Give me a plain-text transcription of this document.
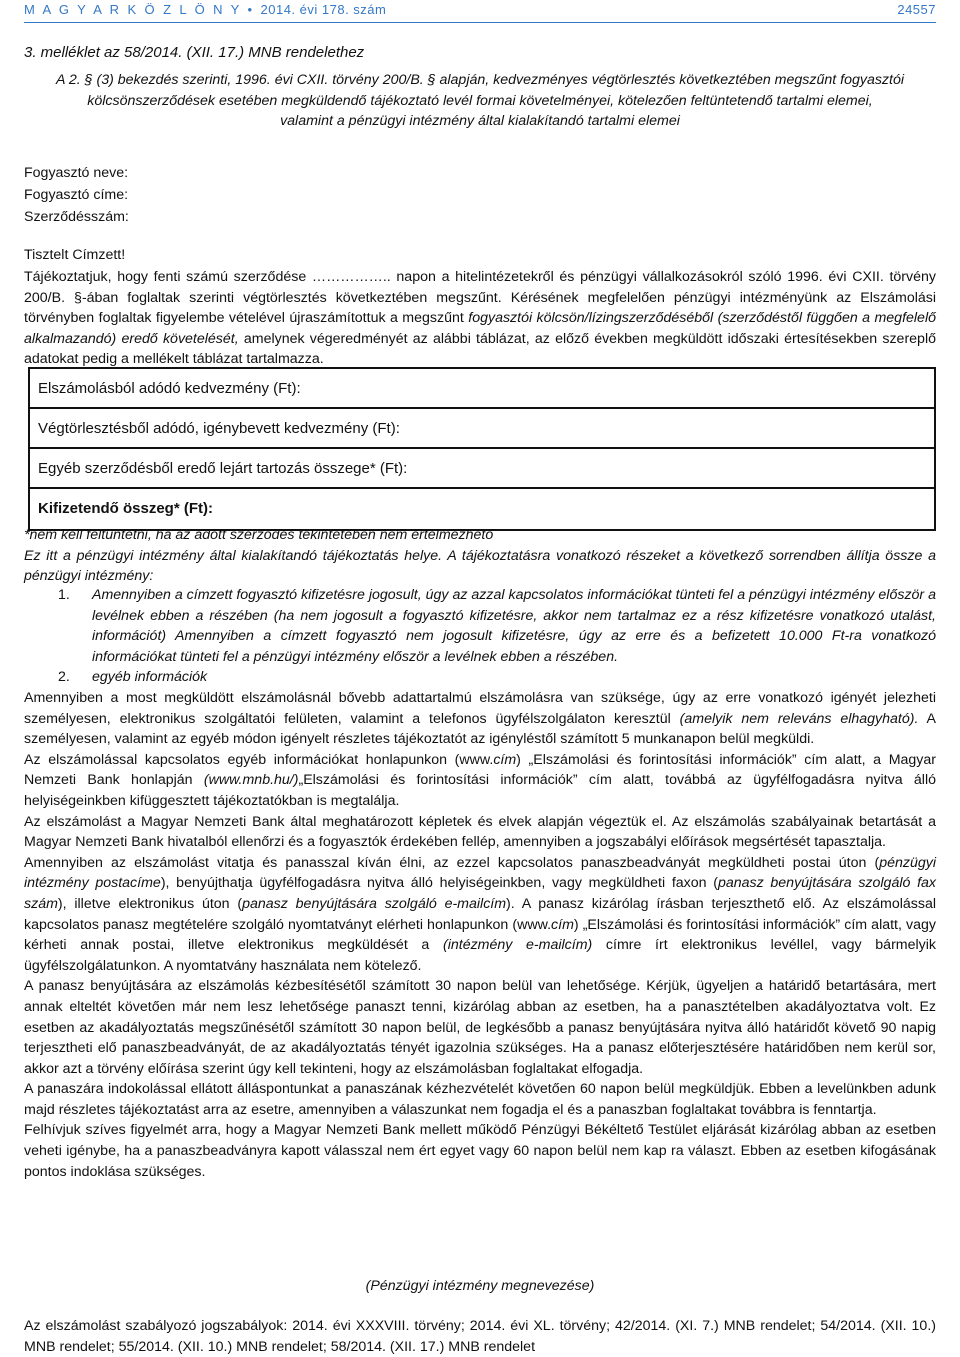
M A G Y A R K Ö Z L Ö N Y • 2014. évi 178. szám	24557
3. melléklet az 58/2014. (XII. 17.) MNB rendelethez
A 2. § (3) bekezdés szerinti, 1996. évi CXII. törvény 200/B. § alapján, kedvezményes végtörlesztés következtében megszűnt fogyasztói
kölcsönszerződések esetében megküldendő tájékoztató levél formai követelményei, kötelezően feltüntetendő tartalmi elemei,
valamint a pénzügyi intézmény által kialakítandó tartalmi elemei
Fogyasztó neve:
Fogyasztó címe:
Szerződésszám:
Tisztelt Címzett!

Tájékoztatjuk, hogy fenti számú szerződése …………….. napon a hitelintézetekről és pénzügyi vállalkozásokról szóló 1996. évi CXII. törvény 200/B. §-ában foglaltak szerinti végtörlesztés következtében megszűnt. Kérésének megfelelően pénzügyi intézményünk az Elszámolási törvényben foglaltak figyelembe vételével újraszámítottuk a megszűnt fogyasztói kölcsön/lízingszerződéséből (szerződéstől függően a megfelelő alkalmazandó) eredő követelését, amelynek végeredményét az alábbi táblázat, az előző években megküldött időszaki értesítésekben szereplő adatokat pedig a mellékelt táblázat tartalmazza.

Elszámolásból adódó kedvezmény (Ft):
Végtörlesztésből adódó, igénybevett kedvezmény (Ft):
Egyéb szerződésből eredő lejárt tartozás összege* (Ft):
Kifizetendő összeg* (Ft):
*nem kell feltüntetni, ha az adott szerződés tekintetében nem értelmezhető
Ez itt a pénzügyi intézmény által kialakítandó tájékoztatás helye. A tájékoztatásra vonatkozó részeket a következő sorrendben állítja össze a pénzügyi intézmény:
1. Amennyiben a címzett fogyasztó kifizetésre jogosult, úgy az azzal kapcsolatos információkat tünteti fel a pénzügyi intézmény először a levélnek ebben a részében (ha nem jogosult a fogyasztó kifizetésre, akkor nem tartalmaz ez a rész kifizetésre vonatkozó utalást, információt) Amennyiben a címzett fogyasztó nem jogosult kifizetésre, úgy az erre és a befizetett 10.000 Ft-ra vonatkozó információkat tünteti fel a pénzügyi intézmény először a levélnek ebben a részében.
2. egyéb információk

Amennyiben a most megküldött elszámolásnál bővebb adattartalmú elszámolásra van szüksége, úgy az erre vonatkozó igényét jelezheti személyesen, elektronikus szolgáltatói felületen, valamint a telefonos ügyfélszolgálaton keresztül (amelyik nem releváns elhagyható). A személyesen, valamint az egyéb módon igényelt részletes tájékoztatót az igényléstől számított 5 munkanapon belül megküldi.

Az elszámolással kapcsolatos egyéb információkat honlapunkon (www.cím) „Elszámolási és forintosítási információk” cím alatt, a Magyar Nemzeti Bank honlapján (www.mnb.hu/)„Elszámolási és forintosítási információk” cím alatt, továbbá az ügyfélfogadásra nyitva álló helyiségeinkben kifüggesztett tájékoztatókban is megtalálja.

Az elszámolást a Magyar Nemzeti Bank által meghatározott képletek és elvek alapján végeztük el. Az elszámolás szabályainak betartását a Magyar Nemzeti Bank hivatalból ellenőrzi és a fogyasztók érdekében fellép, amennyiben a jogszabályi előírások megsértését tapasztalja.

Amennyiben az elszámolást vitatja és panasszal kíván élni, az ezzel kapcsolatos panaszbeadványát megküldheti postai úton (pénzügyi intézmény postacíme), benyújthatja ügyfélfogadásra nyitva álló helyiségeinkben, vagy megküldheti faxon (panasz benyújtására szolgáló fax szám), illetve elektronikus úton (panasz benyújtására szolgáló e-mailcím). A panasz kizárólag írásban terjeszthető elő. Az elszámolással kapcsolatos panasz megtételére szolgáló nyomtatványt elérheti honlapunkon (www.cím) „Elszámolási és forintosítási információk” cím alatt, vagy kérheti annak postai, illetve elektronikus megküldését a (intézmény e-mailcím) címre írt elektronikus levéllel, vagy bármelyik ügyfélszolgálatunkon. A nyomtatvány használata nem kötelező.

A panasz benyújtására az elszámolás kézbesítésétől számított 30 napon belül van lehetősége. Kérjük, ügyeljen a határidő betartására, mert annak elteltét követően már nem lesz lehetősége panaszt tenni, kizárólag abban az esetben, ha a panasztételben akadályoztatva volt. Ez esetben az akadályoztatás megszűnésétől számított 30 napon belül, de legkésőbb a panasz benyújtására nyitva álló határidőt követő 90 napig terjesztheti elő panaszbeadványát, de az akadályoztatás tényét igazolnia szükséges. Ha a panasz előterjesztésére határidőben nem kerül sor, akkor azt a törvény előírása szerint úgy kell tekinteni, hogy az elszámolásban foglaltakat elfogadja.

A panaszára indokolással ellátott álláspontunkat a panaszának kézhezvételét követően 60 napon belül megküldjük. Ebben a levelünkben adunk majd részletes tájékoztatást arra az esetre, amennyiben a válaszunkat nem fogadja el és a panaszban foglaltakat továbbra is fenntartja.

Felhívjuk szíves figyelmét arra, hogy a Magyar Nemzeti Bank mellett működő Pénzügyi Békéltető Testület eljárását kizárólag abban az esetben veheti igénybe, ha a panaszbeadványra kapott válasszal nem ért egyet vagy 60 napon belül nem kap ra választ. Ebben az esetben kifogásának pontos indoklása szükséges.

(Pénzügyi intézmény megnevezése)

Az elszámolást szabályozó jogszabályok: 2014. évi XXXVIII. törvény; 2014. évi XL. törvény; 42/2014. (XI. 7.) MNB rendelet; 54/2014. (XII. 10.) MNB rendelet; 55/2014. (XII. 10.) MNB rendelet; 58/2014. (XII. 17.) MNB rendelet
